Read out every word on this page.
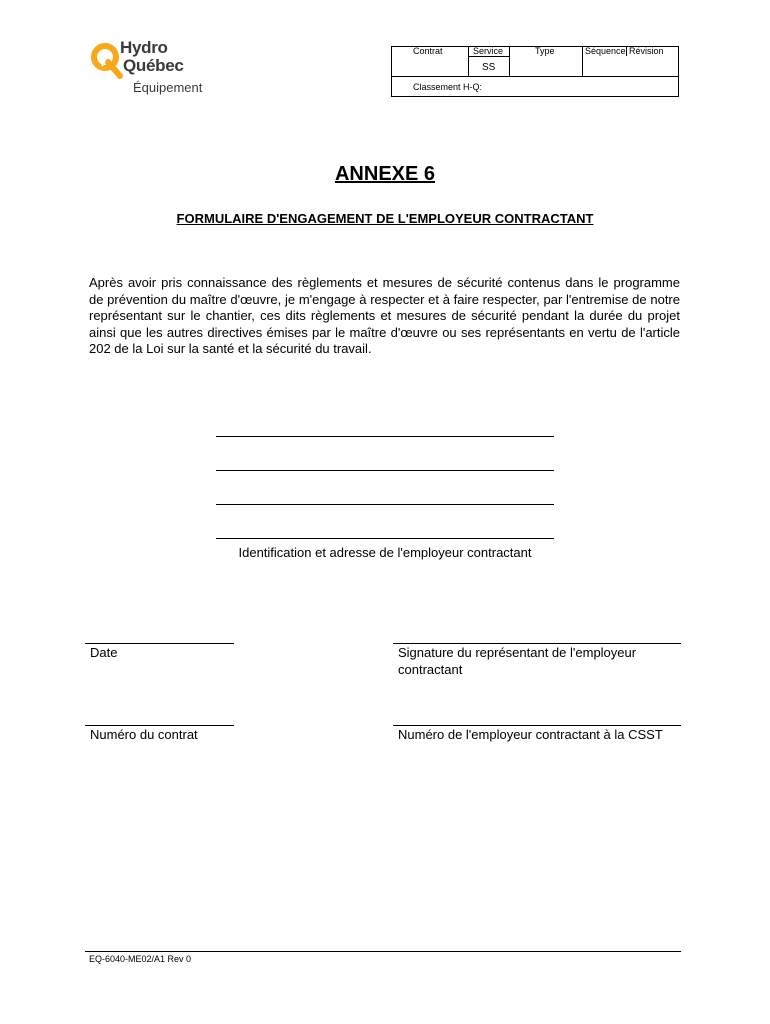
Hydro
Québec
Équipement
Contrat	Service	Type	Séquence Révision
SS
Classement H-Q:
ANNEXE 6
FORMULAIRE D'ENGAGEMENT DE L'EMPLOYEUR CONTRACTANT
Après avoir pris connaissance des règlements et mesures de sécurité contenus dans le programme de prévention du maître d'œuvre, je m'engage à respecter et à faire respecter, par l'entremise de notre représentant sur le chantier, ces dits règlements et mesures de sécurité pendant la durée du projet ainsi que les autres directives émises par le maître d'œuvre ou ses représentants en vertu de l'article 202 de la Loi sur la santé et la sécurité du travail.
Identification et adresse de l'employeur contractant
Date	Signature du représentant de l'employeur contractant
Numéro du contrat	Numéro de l'employeur contractant à la CSST
EQ-6040-ME02/A1 Rev 0
